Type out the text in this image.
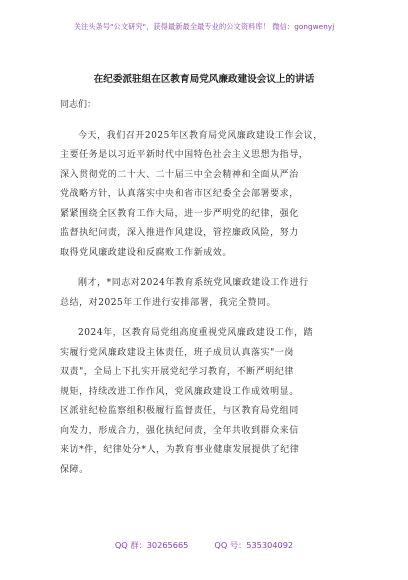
关注头条号"公文研究"，获得最新最全最专业的公文资料库！ 微信：gongwenyj
在纪委派驻组在区教育局党风廉政建设会议上的讲话

同志们：

今天，我们召开2025年区教育局党风廉政建设工作会议，
主要任务是以习近平新时代中国特色社会主义思想为指导，
深入贯彻党的二十大、二十届三中全会精神和全面从严治
党战略方针，认真落实中央和省市区纪委全会部署要求，
紧紧围绕全区教育工作大局，进一步严明党的纪律，强化
监督执纪问责，深入推进作风建设，管控廉政风险，努力
取得党风廉政建设和反腐败工作新成效。
刚才，*同志对2024年教育系统党风廉政建设工作进行
总结，对2025年工作进行安排部署，我完全赞同。
2024年，区教育局党组高度重视党风廉政建设工作，踏
实履行党风廉政建设主体责任，班子成员认真落实"一岗
双责"，全局上下扎实开展党纪学习教育，不断严明纪律
规矩，持续改进工作作风，党风廉政建设工作成效明显。
区派驻纪检监察组积极履行监督责任，与区教育局党组同
向发力，形成合力，强化执纪问责，全年共收到群众来信
来访*件，纪律处分*人，为教育事业健康发展提供了纪律
保障。
QQ 群：30265665	QQ 号：535304092
